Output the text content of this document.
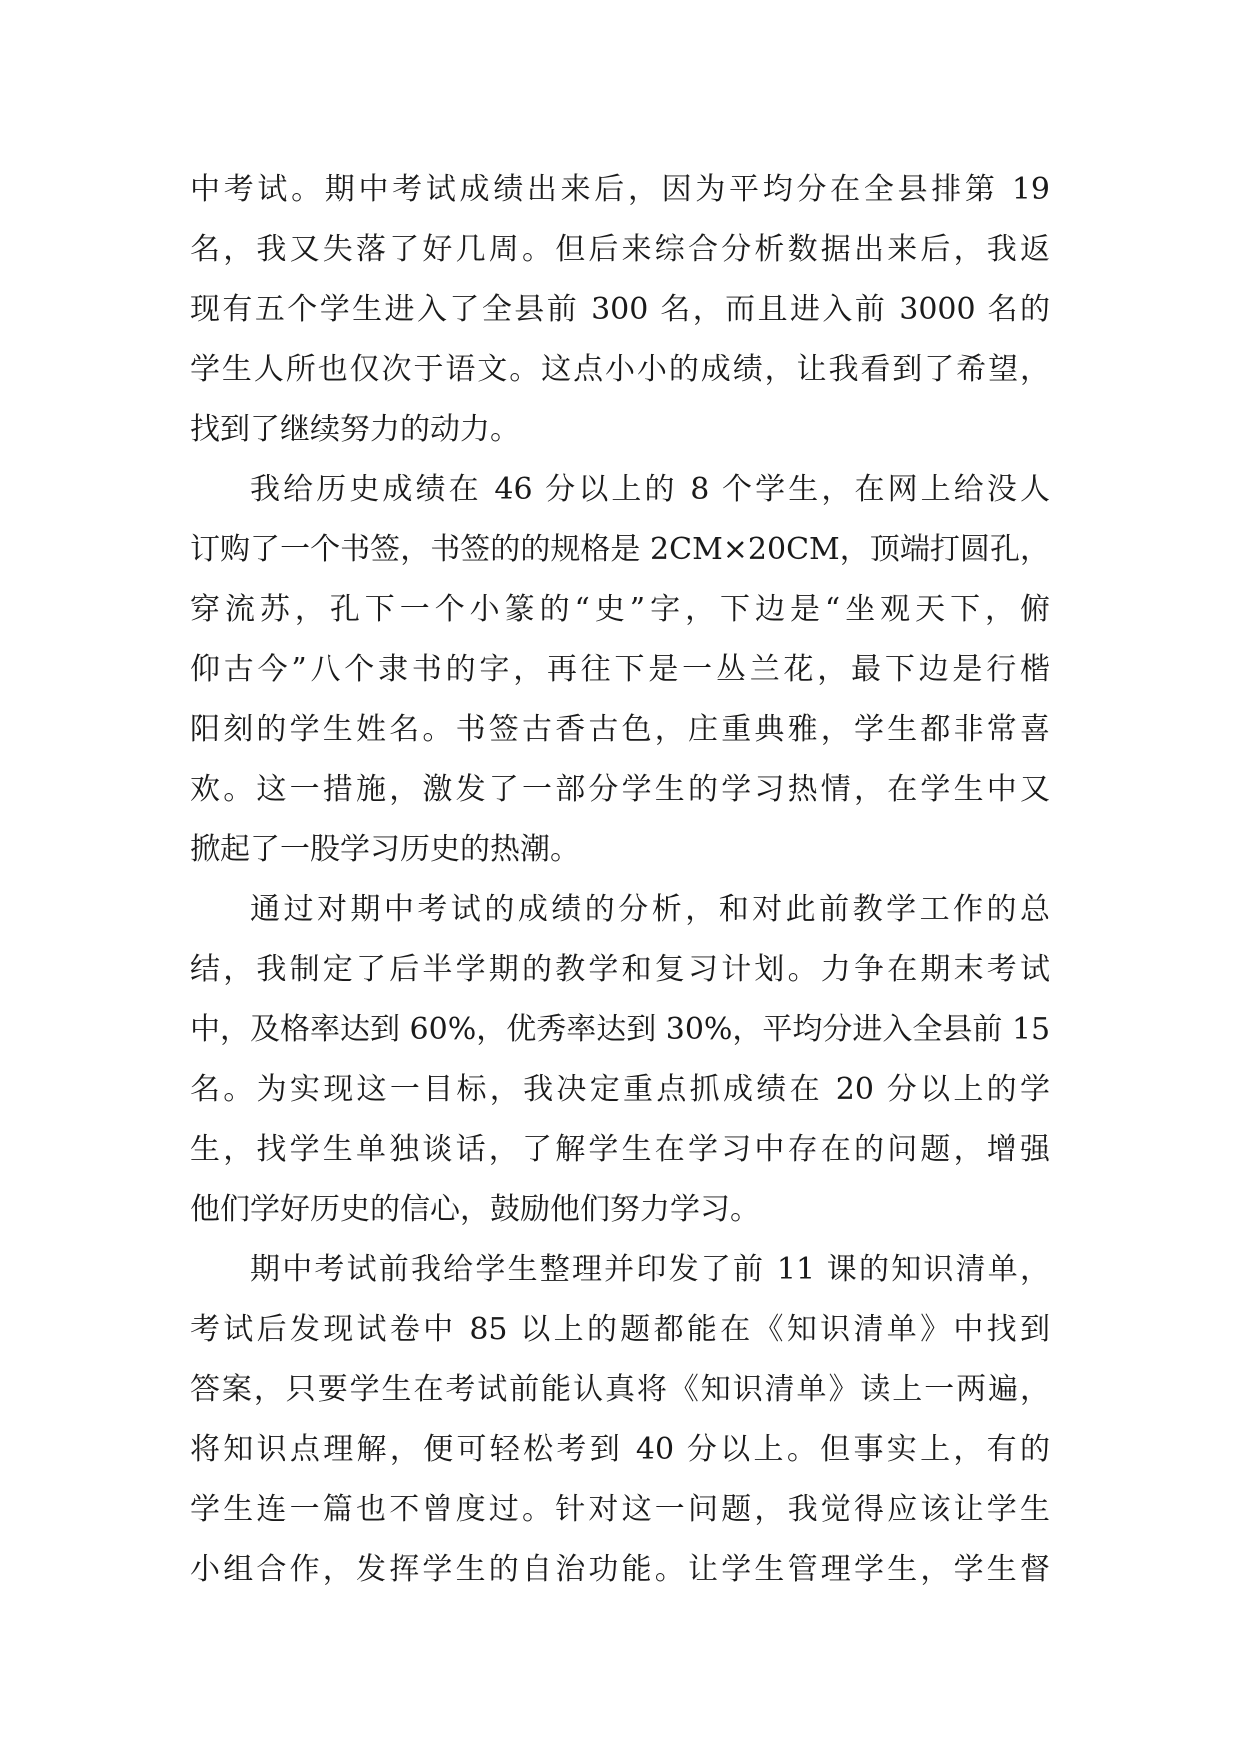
中考试。期中考试成绩出来后，因为平均分在全县排第 19
名，我又失落了好几周。但后来综合分析数据出来后，我返
现有五个学生进入了全县前 300 名，而且进入前 3000 名的
学生人所也仅次于语文。这点小小的成绩，让我看到了希望，
找到了继续努力的动力。
我给历史成绩在 46 分以上的 8 个学生，在网上给没人
订购了一个书签，书签的的规格是 2CM×20CM，顶端打圆孔，
穿流苏，孔下一个小篆的“史”字，下边是“坐观天下，俯
仰古今”八个隶书的字，再往下是一丛兰花，最下边是行楷
阳刻的学生姓名。书签古香古色，庄重典雅，学生都非常喜
欢。这一措施，激发了一部分学生的学习热情，在学生中又
掀起了一股学习历史的热潮。
通过对期中考试的成绩的分析，和对此前教学工作的总
结，我制定了后半学期的教学和复习计划。力争在期末考试
中，及格率达到 60%，优秀率达到 30%，平均分进入全县前 15
名。为实现这一目标，我决定重点抓成绩在 20 分以上的学
生，找学生单独谈话，了解学生在学习中存在的问题，增强
他们学好历史的信心，鼓励他们努力学习。
期中考试前我给学生整理并印发了前 11 课的知识清单，
考试后发现试卷中 85 以上的题都能在《知识清单》中找到
答案，只要学生在考试前能认真将《知识清单》读上一两遍，
将知识点理解，便可轻松考到 40 分以上。但事实上，有的
学生连一篇也不曾度过。针对这一问题，我觉得应该让学生
小组合作，发挥学生的自治功能。让学生管理学生，学生督
